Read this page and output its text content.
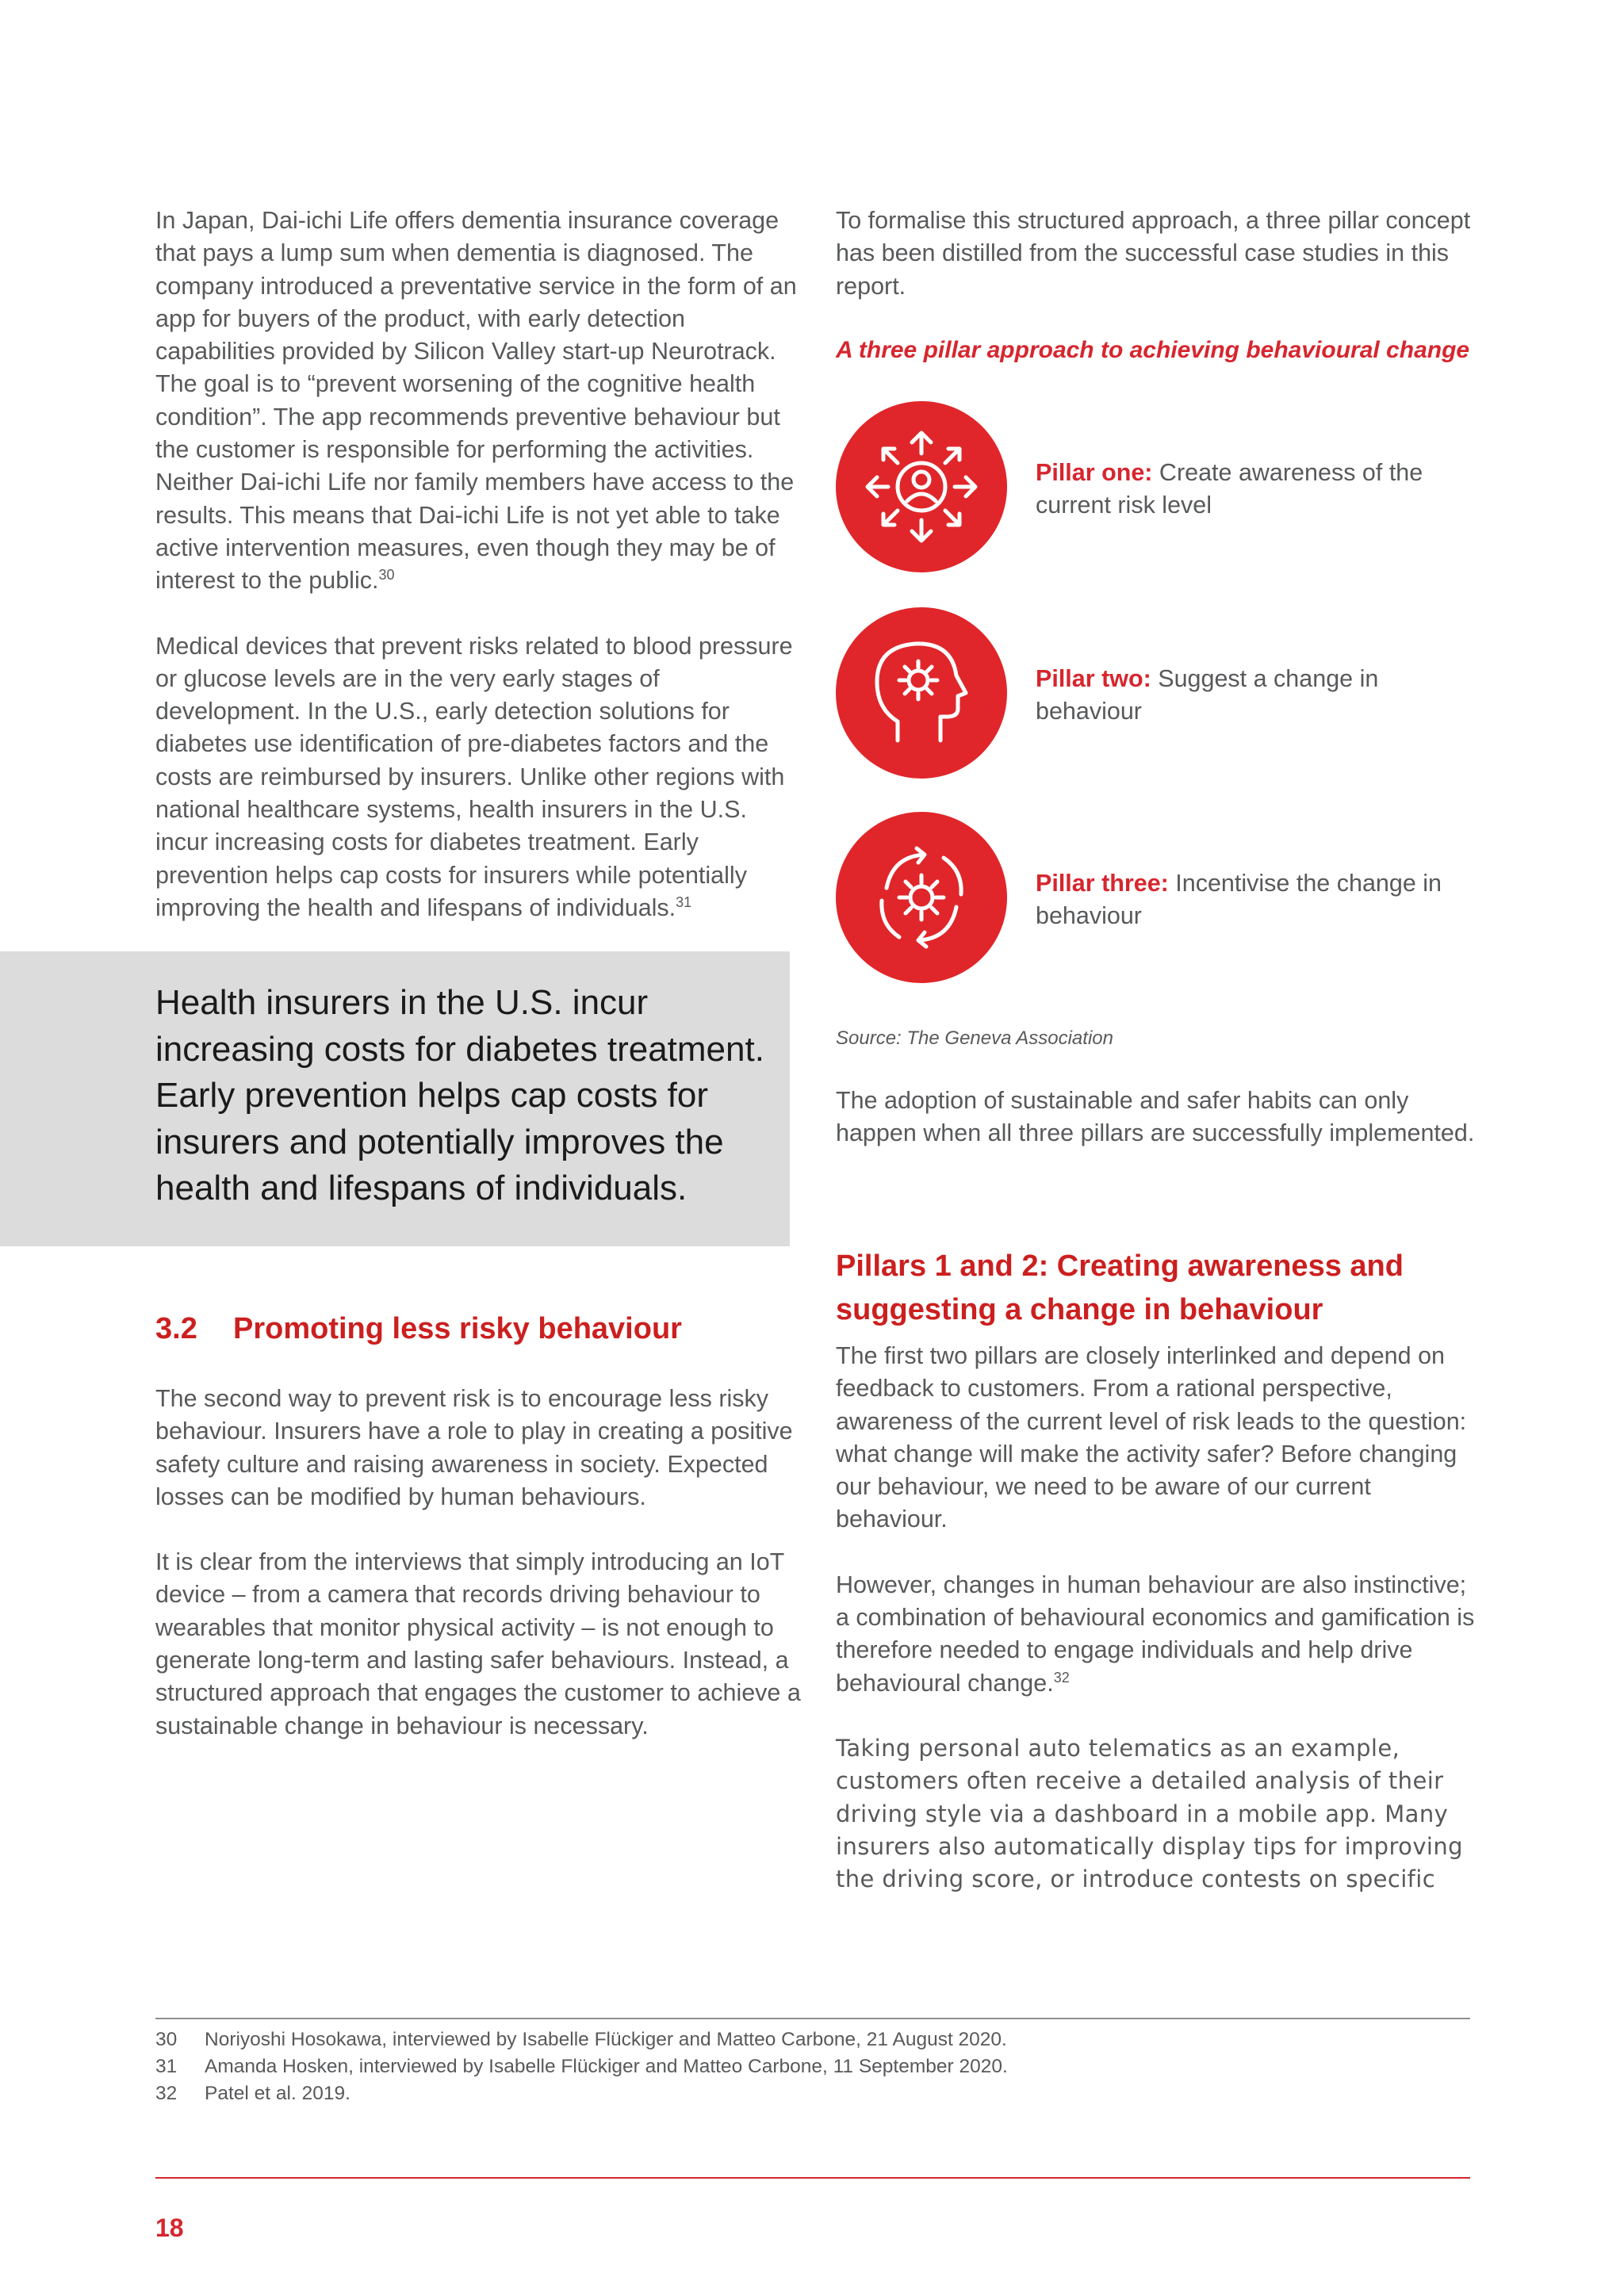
In Japan, Dai-ichi Life offers dementia insurance coverage that pays a lump sum when dementia is diagnosed. The company introduced a preventative service in the form of an app for buyers of the product, with early detection capabilities provided by Silicon Valley start-up Neurotrack. The goal is to “prevent worsening of the cognitive health condition”. The app recommends preventive behaviour but the customer is responsible for performing the activities. Neither Dai-ichi Life nor family members have access to the results. This means that Dai-ichi Life is not yet able to take active intervention measures, even though they may be of interest to the public.$^{30}$

Medical devices that prevent risks related to blood pressure or glucose levels are in the very early stages of development. In the U.S., early detection solutions for diabetes use identification of pre-diabetes factors and the costs are reimbursed by insurers. Unlike other regions with national healthcare systems, health insurers in the U.S. incur increasing costs for diabetes treatment. Early prevention helps cap costs for insurers while potentially improving the health and lifespans of individuals.$^{31}$

Health insurers in the U.S. incur increasing costs for diabetes treatment. Early prevention helps cap costs for insurers and potentially improves the health and lifespans of individuals.

3.2 Promoting less risky behaviour

The second way to prevent risk is to encourage less risky behaviour. Insurers have a role to play in creating a positive safety culture and raising awareness in society. Expected losses can be modified by human behaviours.

It is clear from the interviews that simply introducing an IoT device – from a camera that records driving behaviour to wearables that monitor physical activity – is not enough to generate long-term and lasting safer behaviours. Instead, a structured approach that engages the customer to achieve a sustainable change in behaviour is necessary.

To formalise this structured approach, a three pillar concept has been distilled from the successful case studies in this report.

A three pillar approach to achieving behavioural change

Pillar one: Create awareness of the current risk level

Pillar two: Suggest a change in behaviour

Pillar three: Incentivise the change in behaviour

Source: The Geneva Association

The adoption of sustainable and safer habits can only happen when all three pillars are successfully implemented.

Pillars 1 and 2: Creating awareness and suggesting a change in behaviour

The first two pillars are closely interlinked and depend on feedback to customers. From a rational perspective, awareness of the current level of risk leads to the question: what change will make the activity safer? Before changing our behaviour, we need to be aware of our current behaviour.

However, changes in human behaviour are also instinctive; a combination of behavioural economics and gamification is therefore needed to engage individuals and help drive behavioural change.$^{32}$

Taking personal auto telematics as an example, customers often receive a detailed analysis of their driving style via a dashboard in a mobile app. Many insurers also automatically display tips for improving the driving score, or introduce contests on specific

30 Noriyoshi Hosokawa, interviewed by Isabelle Flückiger and Matteo Carbone, 21 August 2020.

31 Amanda Hosken, interviewed by Isabelle Flückiger and Matteo Carbone, 11 September 2020.

32 Patel et al. 2019.

18
